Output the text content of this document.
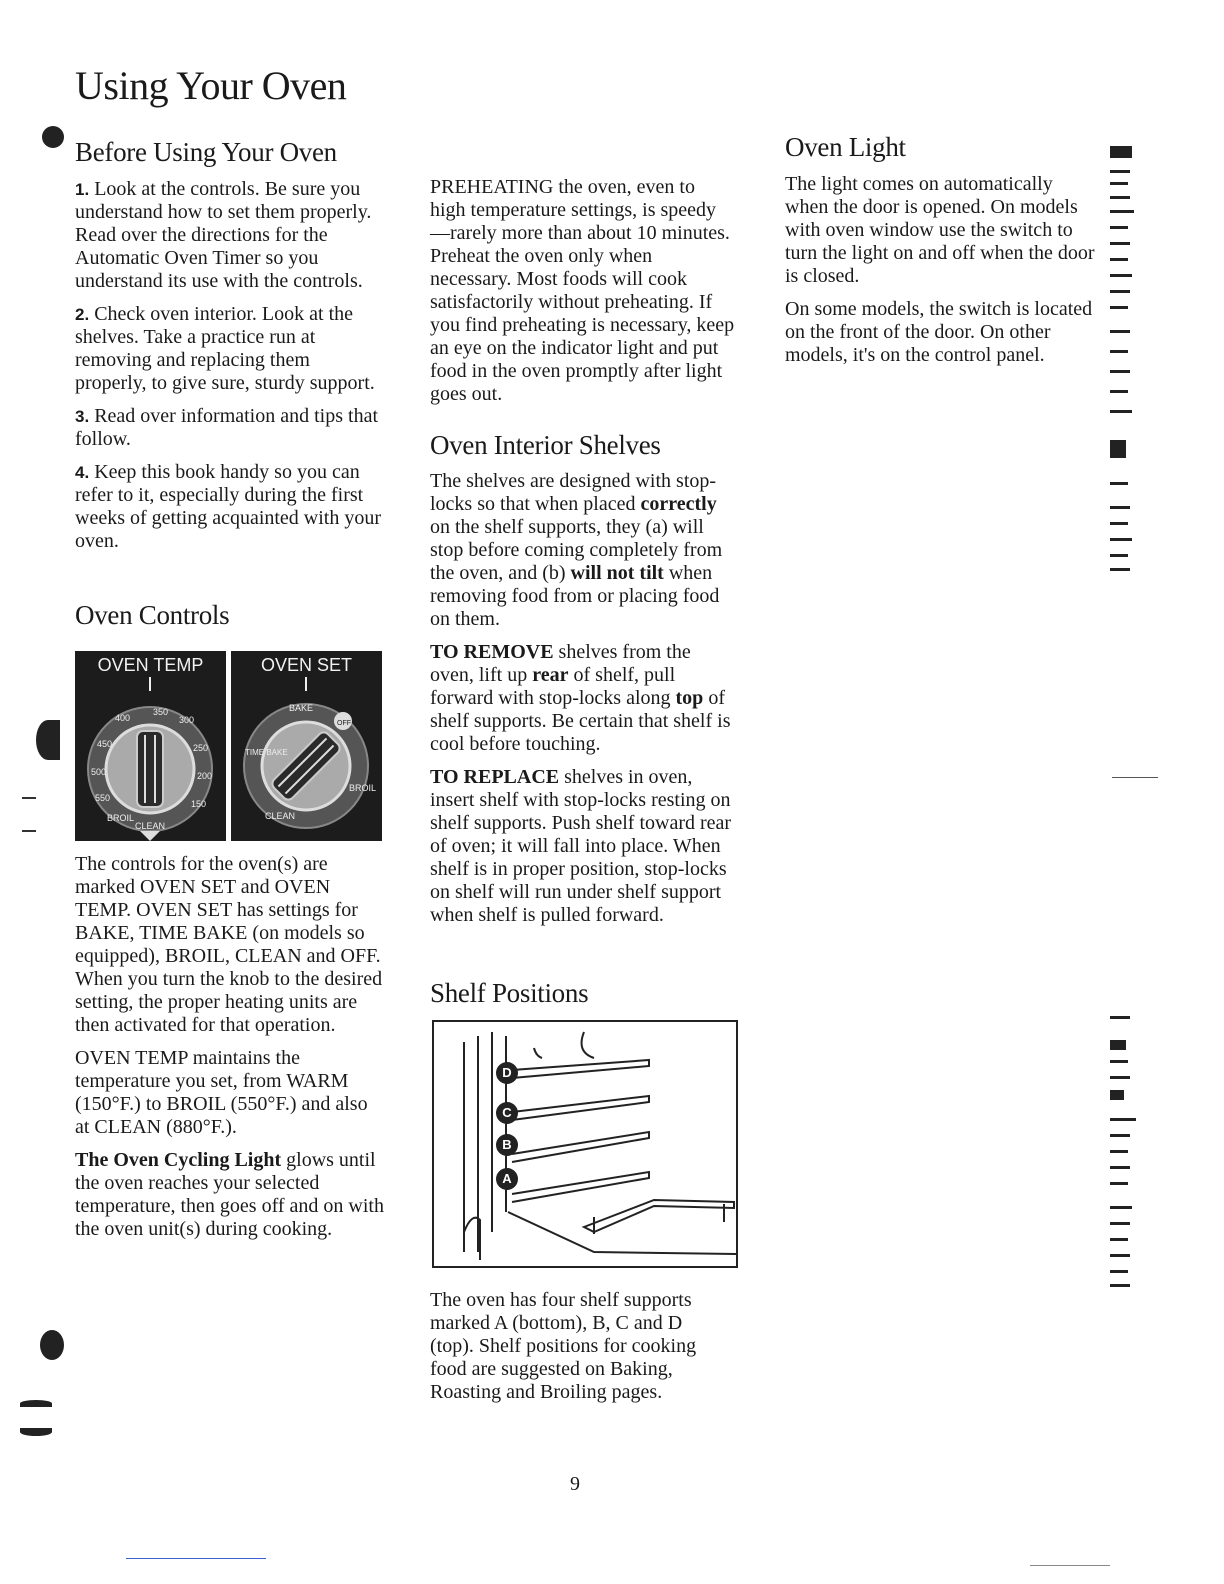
Using Your Oven
Before Using Your Oven

1. Look at the controls. Be sure you understand how to set them properly. Read over the directions for the Automatic Oven Timer so you understand its use with the controls.

2. Check oven interior. Look at the shelves. Take a practice run at removing and replacing them properly, to give sure, sturdy support.

3. Read over information and tips that follow.

4. Keep this book handy so you can refer to it, especially during the first weeks of getting acquainted with your oven.

Oven Controls
OVEN TEMP
350
300
250
400
450
500
550
BROIL
CLEAN
200
150
OVEN SET
BAKE
OFF
TIME BAKE
BROIL
CLEAN

The controls for the oven(s) are marked OVEN SET and OVEN TEMP. OVEN SET has settings for BAKE, TIME BAKE (on models so equipped), BROIL, CLEAN and OFF. When you turn the knob to the desired setting, the proper heating units are then activated for that operation.

OVEN TEMP maintains the temperature you set, from WARM (150°F.) to BROIL (550°F.) and also at CLEAN (880°F.).

The Oven Cycling Light glows until the oven reaches your selected temperature, then goes off and on with the oven unit(s) during cooking.

PREHEATING the oven, even to high temperature settings, is speedy —rarely more than about 10 minutes. Preheat the oven only when necessary. Most foods will cook satisfactorily without preheating. If you find preheating is necessary, keep an eye on the indicator light and put food in the oven promptly after light goes out.

Oven Interior Shelves

The shelves are designed with stop-locks so that when placed correctly on the shelf supports, they (a) will stop before coming completely from the oven, and (b) will not tilt when removing food from or placing food on them.

TO REMOVE shelves from the oven, lift up rear of shelf, pull forward with stop-locks along top of shelf supports. Be certain that shelf is cool before touching.

TO REPLACE shelves in oven, insert shelf with stop-locks resting on shelf supports. Push shelf toward rear of oven; it will fall into place. When shelf is in proper position, stop-locks on shelf will run under shelf support when shelf is pulled forward.

Shelf Positions
D
C
B
A

The oven has four shelf supports marked A (bottom), B, C and D (top). Shelf positions for cooking food are suggested on Baking, Roasting and Broiling pages.

Oven Light

The light comes on automatically when the door is opened. On models with oven window use the switch to turn the light on and off when the door is closed.

On some models, the switch is located on the front of the door. On other models, it's on the control panel.

9
